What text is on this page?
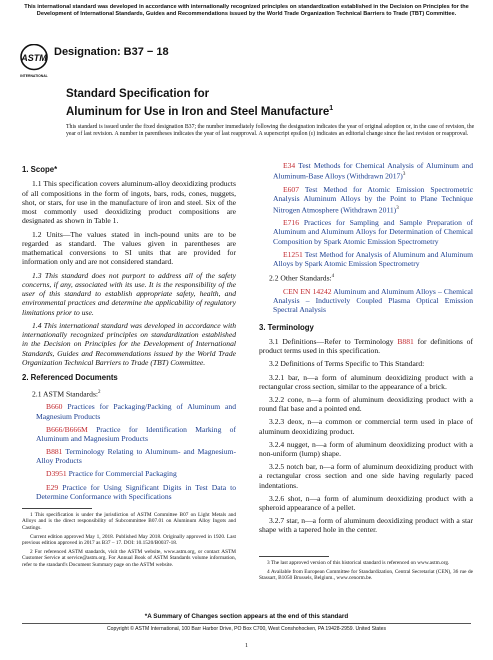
This international standard was developed in accordance with internationally recognized principles on standardization established in the Decision on Principles for the Development of International Standards, Guides and Recommendations issued by the World Trade Organization Technical Barriers to Trade (TBT) Committee.
ASTM
INTERNATIONAL
Designation: B37 − 18
Standard Specification for
Aluminum for Use in Iron and Steel Manufacture$^1$
This standard is issued under the fixed designation B37; the number immediately following the designation indicates the year of original adoption or, in the case of revision, the year of last revision. A number in parentheses indicates the year of last reapproval. A superscript epsilon (ε) indicates an editorial change since the last revision or reapproval.
1. Scope*

1.1 This specification covers aluminum-alloy deoxidizing products of all compositions in the form of ingots, bars, rods, cones, nuggets, shot, or stars, for use in the manufacture of iron and steel. Six of the most commonly used deoxidizing product compositions are designated as shown in Table 1.

1.2 Units—The values stated in inch-pound units are to be regarded as standard. The values given in parentheses are mathematical conversions to SI units that are provided for information only and are not considered standard.

1.3 This standard does not purport to address all of the safety concerns, if any, associated with its use. It is the responsibility of the user of this standard to establish appropriate safety, health, and environmental practices and determine the applicability of regulatory limitations prior to use.

1.4 This international standard was developed in accordance with internationally recognized principles on standardization established in the Decision on Principles for the Development of International Standards, Guides and Recommendations issued by the World Trade Organization Technical Barriers to Trade (TBT) Committee.

2. Referenced Documents

2.1 ASTM Standards:$^2$

B660 Practices for Packaging/Packing of Aluminum and Magnesium Products

B666/B666M Practice for Identification Marking of Aluminum and Magnesium Products

B881 Terminology Relating to Aluminum- and Magnesium-Alloy Products

D3951 Practice for Commercial Packaging

E29 Practice for Using Significant Digits in Test Data to Determine Conformance with Specifications

1 This specification is under the jurisdiction of ASTM Committee B07 on Light Metals and Alloys and is the direct responsibility of Subcommittee B07.01 on Aluminum Alloy Ingots and Castings.

Current edition approved May 1, 2018. Published May 2018. Originally approved in 1920. Last previous edition approved in 2017 as B37 – 17. DOI: 10.1520/B0037-18.

2 For referenced ASTM standards, visit the ASTM website, www.astm.org, or contact ASTM Customer Service at service@astm.org. For Annual Book of ASTM Standards volume information, refer to the standard's Document Summary page on the ASTM website.

E34 Test Methods for Chemical Analysis of Aluminum and Aluminum-Base Alloys (Withdrawn 2017)$^3$

E607 Test Method for Atomic Emission Spectrometric Analysis Aluminum Alloys by the Point to Plane Technique Nitrogen Atmosphere (Withdrawn 2011)$^3$

E716 Practices for Sampling and Sample Preparation of Aluminum and Aluminum Alloys for Determination of Chemical Composition by Spark Atomic Emission Spectrometry

E1251 Test Method for Analysis of Aluminum and Aluminum Alloys by Spark Atomic Emission Spectrometry

2.2 Other Standards:$^4$

CEN EN 14242 Aluminum and Aluminum Alloys – Chemical Analysis – Inductively Coupled Plasma Optical Emission Spectral Analysis

3. Terminology

3.1 Definitions—Refer to Terminology B881 for definitions of product terms used in this specification.

3.2 Definitions of Terms Specific to This Standard:

3.2.1 bar, n—a form of aluminum deoxidizing product with a rectangular cross section, similar to the appearance of a brick.

3.2.2 cone, n—a form of aluminum deoxidizing product with a round flat base and a pointed end.

3.2.3 deox, n—a common or commercial term used in place of aluminum deoxidizing product.

3.2.4 nugget, n—a form of aluminum deoxidizing product with a non-uniform (lump) shape.

3.2.5 notch bar, n—a form of aluminum deoxidizing product with a rectangular cross section and one side having regularly paced indentations.

3.2.6 shot, n—a form of aluminum deoxidizing product with a spheroid appearance of a pellet.

3.2.7 star, n—a form of aluminum deoxidizing product with a star shape with a tapered hole in the center.

3 The last approved version of this historical standard is referenced on www.astm.org.

4 Available from European Committee for Standardization, Central Secretariat (CEN), 36 rue de Stassart, B1050 Brussels, Belgium., www.cenorm.be.

*A Summary of Changes section appears at the end of this standard
Copyright © ASTM International, 100 Barr Harbor Drive, PO Box C700, West Conshohocken, PA 19428-2959. United States
1
